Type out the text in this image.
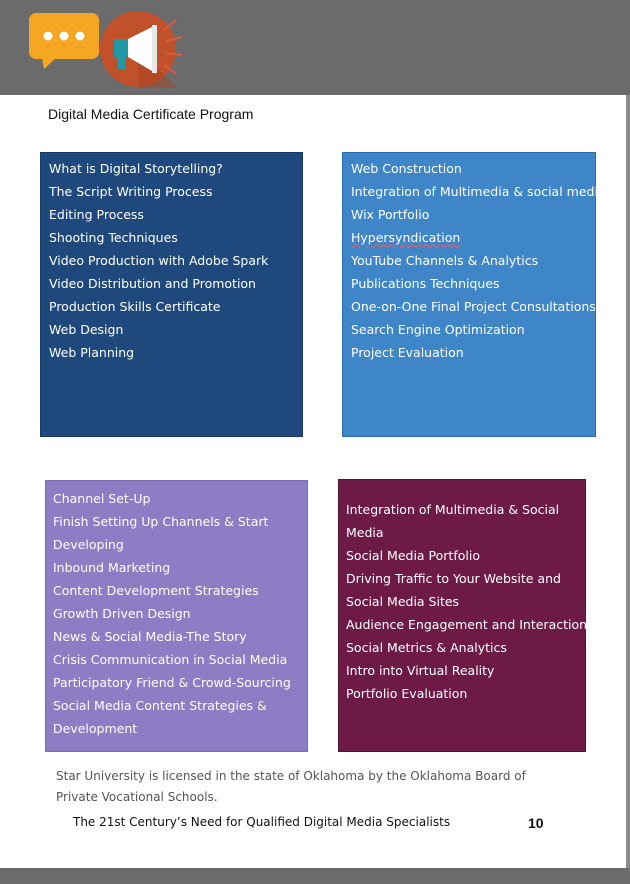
Digital Media Certificate Program
What is Digital Storytelling?
The Script Writing Process
Editing Process
Shooting Techniques
Video Production with Adobe Spark
Video Distribution and Promotion
Production Skills Certificate
Web Design
Web Planning
Web Construction
Integration of Multimedia & social media
Wix Portfolio
Hypersyndication
YouTube Channels & Analytics
Publications Techniques
One-on-One Final Project Consultations
Search Engine Optimization
Project Evaluation
Channel Set-Up
Finish Setting Up Channels & Start Developing
Inbound Marketing
Content Development Strategies
Growth Driven Design
News & Social Media-The Story
Crisis Communication in Social Media
Participatory Friend & Crowd-Sourcing
Social Media Content Strategies & Development
Integration of Multimedia & Social Media
Social Media Portfolio
Driving Traffic to Your Website and Social Media Sites
Audience Engagement and Interaction
Social Metrics & Analytics
Intro into Virtual Reality
Portfolio Evaluation
Star University is licensed in the state of Oklahoma by the Oklahoma Board of Private Vocational Schools.
The 21st Century’s Need for Qualified Digital Media Specialists	10
